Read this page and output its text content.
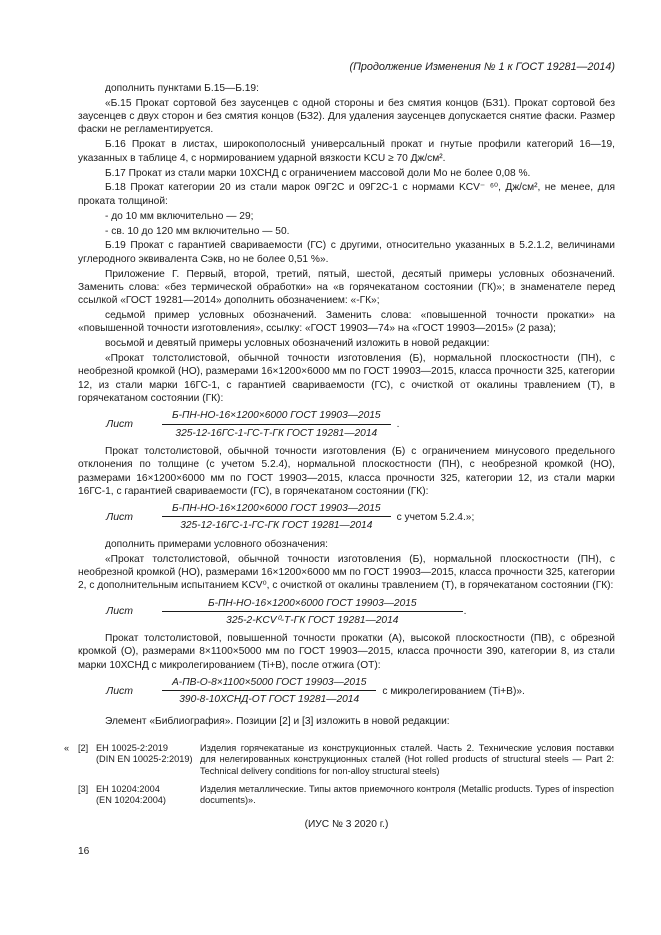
(Продолжение Изменения № 1 к ГОСТ 19281—2014)

дополнить пунктами Б.15—Б.19:

«Б.15 Прокат сортовой без заусенцев с одной стороны и без смятия концов (БЗ1). Прокат сортовой без заусенцев с двух сторон и без смятия концов (БЗ2). Для удаления заусенцев допускается снятие фаски. Размер фаски не регламентируется.

Б.16 Прокат в листах, широкополосный универсальный прокат и гнутые профили категорий 16—19, указанных в таблице 4, с нормированием ударной вязкости KCU ≥ 70 Дж/см².

Б.17 Прокат из стали марки 10ХСНД с ограничением массовой доли Мо не более 0,08 %.

Б.18 Прокат категории 20 из стали марок 09Г2С и 09Г2С-1 с нормами KCV⁻ ⁶⁰, Дж/см², не менее, для проката толщиной:

- до 10 мм включительно — 29;

- св. 10 до 120 мм включительно — 50.

Б.19 Прокат с гарантией свариваемости (ГС) с другими, относительно указанных в 5.2.1.2, величинами углеродного эквивалента Сэкв, но не более 0,51 %».

Приложение Г. Первый, второй, третий, пятый, шестой, десятый примеры условных обозначений. Заменить слова: «без термической обработки» на «в горячекатаном состоянии (ГК)»; в знаменателе перед ссылкой «ГОСТ 19281—2014» дополнить обозначением: «-ГК»;

седьмой пример условных обозначений. Заменить слова: «повышенной точности прокатки» на «повышенной точности изготовления», ссылку: «ГОСТ 19903—74» на «ГОСТ 19903—2015» (2 раза);

восьмой и девятый примеры условных обозначений изложить в новой редакции:

«Прокат толстолистовой, обычной точности изготовления (Б), нормальной плоскостности (ПН), с необрезной кромкой (НО), размерами 16×1200×6000 мм по ГОСТ 19903—2015, класса прочности 325, категории 12, из стали марки 16ГС-1, с гарантией свариваемости (ГС), с очисткой от окалины травлением (Т), в горячекатаном состоянии (ГК):

Лист	$\frac{\text{Б-ПН-НО-16×1200×6000 ГОСТ 19903—2015}}{\text{325-12-16ГС-1-ГС-Т-ГК ГОСТ 19281—2014}}$ .

Прокат толстолистовой, обычной точности изготовления (Б) с ограничением минусового предельного отклонения по толщине (с учетом 5.2.4), нормальной плоскостности (ПН), с необрезной кромкой (НО), размерами 16×1200×6000 мм по ГОСТ 19903—2015, класса прочности 325, категории 12, из стали марки 16ГС-1, с гарантией свариваемости (ГС), в горячекатаном состоянии (ГК):

Лист	$\frac{\text{Б-ПН-НО-16×1200×6000 ГОСТ 19903—2015}}{\text{325-12-16ГС-1-ГС-ГК ГОСТ 19281—2014}}$ с учетом 5.2.4.»;

дополнить примерами условного обозначения:

«Прокат толстолистовой, обычной точности изготовления (Б), нормальной плоскостности (ПН), с необрезной кромкой (НО), размерами 16×1200×6000 мм по ГОСТ 19903—2015, класса прочности 325, категории 2, с дополнительным испытанием KCV⁰, с очисткой от окалины травлением (Т), в горячекатаном состоянии (ГК):

Лист	$\frac{\text{Б-ПН-НО-16×1200×6000 ГОСТ 19903—2015}}{\text{325-2-KCV⁰-Т-ГК ГОСТ 19281—2014}}$ .

Прокат толстолистовой, повышенной точности прокатки (А), высокой плоскостности (ПВ), с обрезной кромкой (О), размерами 8×1100×5000 мм по ГОСТ 19903—2015, класса прочности 390, категории 8, из стали марки 10ХСНД с микролегированием (Ti+B), после отжига (ОТ):

Лист	$\frac{\text{А-ПВ-О-8×1100×5000 ГОСТ 19903—2015}}{\text{390-8-10ХСНД-ОТ ГОСТ 19281—2014}}$ с микролегированием (Ti+B)».

Элемент «Библиография». Позиции [2] и [3] изложить в новой редакции:

« [2] ЕН 10025-2:2019
(DIN EN 10025-2:2019)
Изделия горячекатаные из конструкционных сталей. Часть 2. Технические условия поставки для нелегированных конструкционных сталей (Hot rolled products of structural steels — Part 2: Technical delivery conditions for non-alloy structural steels)
[3] ЕН 10204:2004
(EN 10204:2004)
Изделия металлические. Типы актов приемочного контроля (Metallic products. Types of inspection documents)».
(ИУС № 3 2020 г.)
16
